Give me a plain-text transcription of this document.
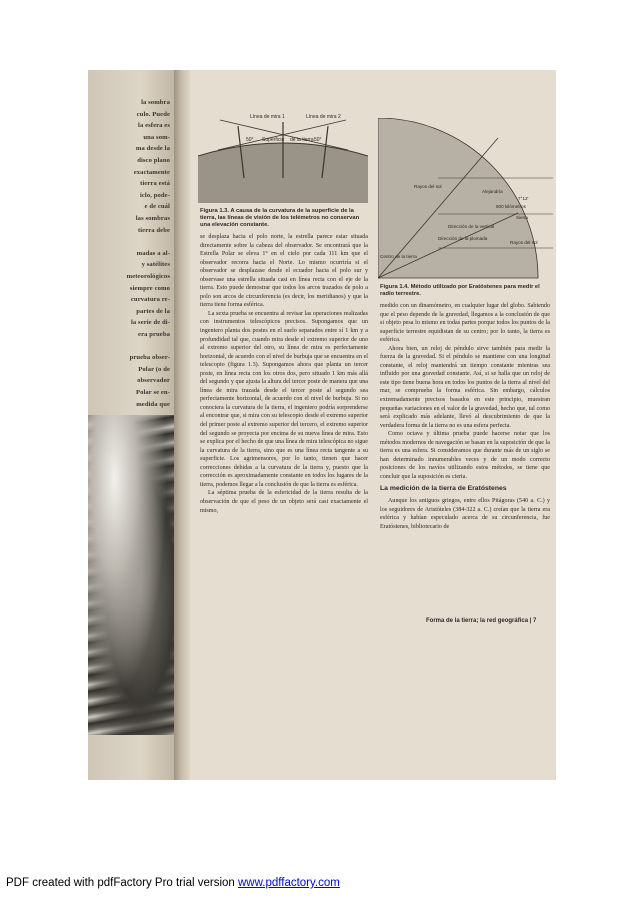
la sombra
culo. Puede
la esfera es
una som-
ma desde la
disco plano
exactamente
tierra está
iclo, pode-
e de cuál
las sombras
tierra debe
madas a al-
y satélites
meteorológicos
siempre como
curvatura re-
partes de la
la serie de di-
era prueba
prueba obser-
Polar (o de
observador
Polar se en-
medida que
Línea de mira 1	Línea de mira 2
50° Superficie de la tierra 50°
Figura 1.3. A causa de la curvatura de la superficie de la tierra, las líneas de visión de los telémetros no conservan una elevación constante.
Rayos del sol
Centro de la tierra
Alejandría
Siena
Dirección de la vertical
Dirección de la plomada
7°12'
800 kilómetros
Rayos del sol
Figura 1.4. Método utilizado por Eratóstenes para medir el radio terrestre.

se desplaza hacia el polo norte, la estrella parece estar situada directamente sobre la cabeza del observador. Se encontrará que la Estrella Polar se eleva 1° en el cielo por cada 111 km que el observador recorra hacia el Norte. Lo mismo ocurriría si el observador se desplazase desde el ecuador hacia el polo sur y observase una estrella situada casi en línea recta con el eje de la tierra. Esto puede demostrar que todos los arcos trazados de polo a polo son arcos de circunferencia (es decir, los meridianos) y que la tierra tiene forma esférica.

La sexta prueba se encuentra al revisar las operaciones realizadas con instrumentos telescópicos precisos. Supongamos que un ingeniero planta dos postes en el suelo separados entre sí 1 km y a profundidad tal que, cuando mira desde el extremo superior de uno al extremo superior del otro, su línea de mira es perfectamente horizontal, de acuerdo con el nivel de burbuja que se encuentra en el telescopio (figura 1.3). Supongamos ahora que planta un tercer poste, en línea recta con los otros dos, pero situado 1 km más allá del segundo y que ajusta la altura del tercer poste de manera que una línea de mira trazada desde el tercer poste al segundo sea perfectamente horizontal, de acuerdo con el nivel de burbuja. Si no conociera la curvatura de la tierra, el ingeniero podría sorprenderse al encontrar que, si mira con su telescopio desde el extremo superior del primer poste al extremo superior del tercero, el extremo superior del segundo se proyecta por encima de su nueva línea de mira. Esto se explica por el hecho de que una línea de mira telescópica no sigue la curvatura de la tierra, sino que es una línea recta tangente a su superficie. Los agrimensores, por lo tanto, tienen que hacer correcciones debidas a la curvatura de la tierra y, puesto que la corrección es aproximadamente constante en todos los lugares de la tierra, podemos llegar a la conclusión de que la tierra es esférica.

La séptima prueba de la esfericidad de la tierra resulta de la observación de que el peso de un objeto será casi exactamente el mismo,

medido con un dinamómetro, en cualquier lugar del globo. Sabiendo que el peso depende de la gravedad, llegamos a la conclusión de que si objeto pesa lo mismo en todas partes porque todos los puntos de la superficie terrestre equidistan de su centro; por lo tanto, la tierra es esférica.

Ahora bien, un reloj de péndulo sirve también para medir la fuerza de la gravedad. Si el péndulo se mantiene con una longitud constante, el reloj mantendrá un tiempo constante mientras sea influido por una gravedad constante. Así, si se halla que un reloj de este tipo tiene buena hora en todos los puntos de la tierra al nivel del mar, se comprueba la forma esférica. Sin embargo, cálculos extremadamente precisos basados en este principio, muestran pequeñas variaciones en el valor de la gravedad, hecho que, tal como será explicado más adelante, llevó al descubrimiento de que la verdadera forma de la tierra no es una esfera perfecta.

Como octava y última prueba puede hacerse notar que los métodos modernos de navegación se basan en la suposición de que la tierra es una esfera. Si consideramos que durante más de un siglo se han determinado innumerables veces y de un modo correcto posiciones de los navíos utilizando estos métodos, se tiene que concluir que la suposición es cierta.

La medición de la tierra de Eratóstenes

Aunque los antiguos griegos, entre ellos Pitágoras (540 a. C.) y los seguidores de Aristóteles (384-322 a. C.) creían que la tierra era esférica y habían especulado acerca de su circunferencia, fue Eratóstenes, bibliotecario de

Forma de la tierra; la red geográfica | 7
PDF created with pdfFactory Pro trial version www.pdffactory.com
